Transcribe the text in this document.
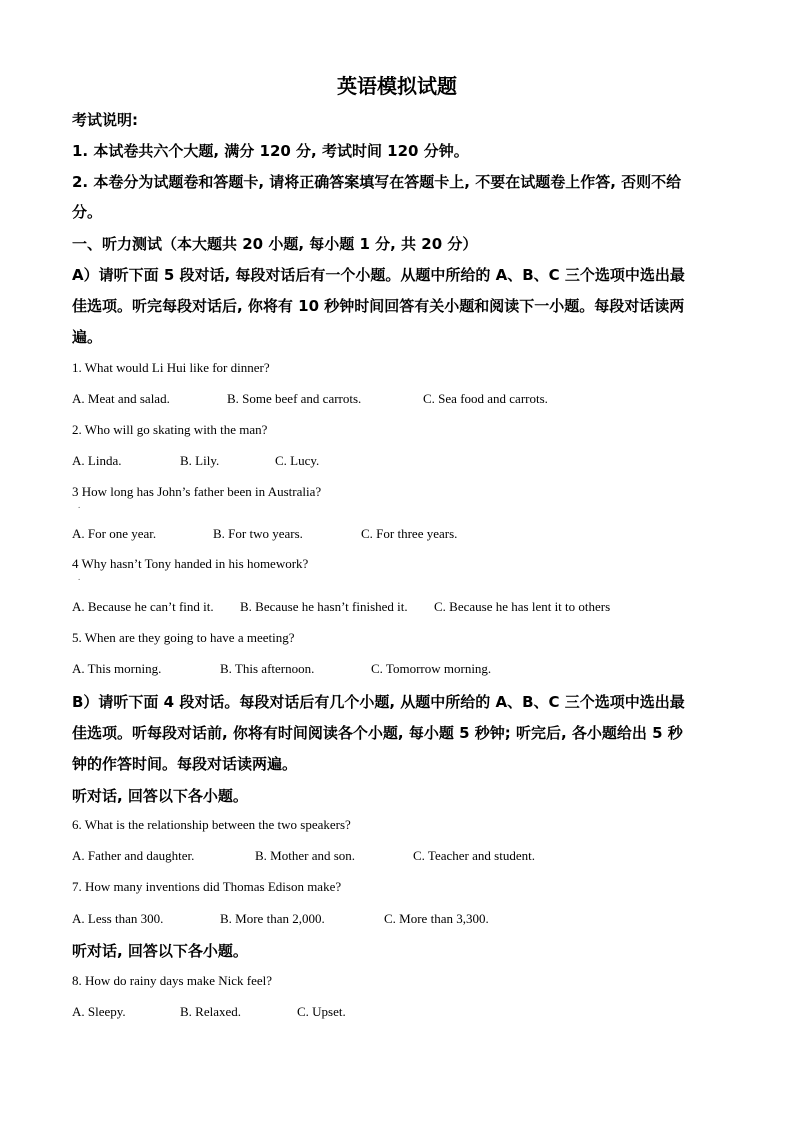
英语模拟试题
考试说明:
1. 本试卷共六个大题, 满分 120 分, 考试时间 120 分钟。
2. 本卷分为试题卷和答题卡, 请将正确答案填写在答题卡上, 不要在试题卷上作答, 否则不给
分。
一、听力测试（本大题共 20 小题, 每小题 1 分, 共 20 分）
A）请听下面 5 段对话, 每段对话后有一个小题。从题中所给的 A、B、C 三个选项中选出最
佳选项。听完每段对话后, 你将有 10 秒钟时间回答有关小题和阅读下一小题。每段对话读两
遍。
1. What would Li Hui like for dinner?
A. Meat and salad.	B. Some beef and carrots.	C. Sea food and carrots.
2. Who will go skating with the man?
A. Linda.	B. Lily.	C. Lucy.
3 How long has John’s father been in Australia?
.
A. For one year.	B. For two years.	C. For three years.
4 Why hasn’t Tony handed in his homework?
.
A. Because he can’t find it. B. Because he hasn’t finished it. C. Because he has lent it to others
5. When are they going to have a meeting?
A. This morning.	B. This afternoon.	C. Tomorrow morning.
B）请听下面 4 段对话。每段对话后有几个小题, 从题中所给的 A、B、C 三个选项中选出最
佳选项。听每段对话前, 你将有时间阅读各个小题, 每小题 5 秒钟; 听完后, 各小题给出 5 秒
钟的作答时间。每段对话读两遍。
听对话, 回答以下各小题。
6. What is the relationship between the two speakers?
A. Father and daughter.	B. Mother and son.	C. Teacher and student.
7. How many inventions did Thomas Edison make?
A. Less than 300.	B. More than 2,000.	C. More than 3,300.
听对话, 回答以下各小题。
8. How do rainy days make Nick feel?
A. Sleepy.	B. Relaxed.	C. Upset.
